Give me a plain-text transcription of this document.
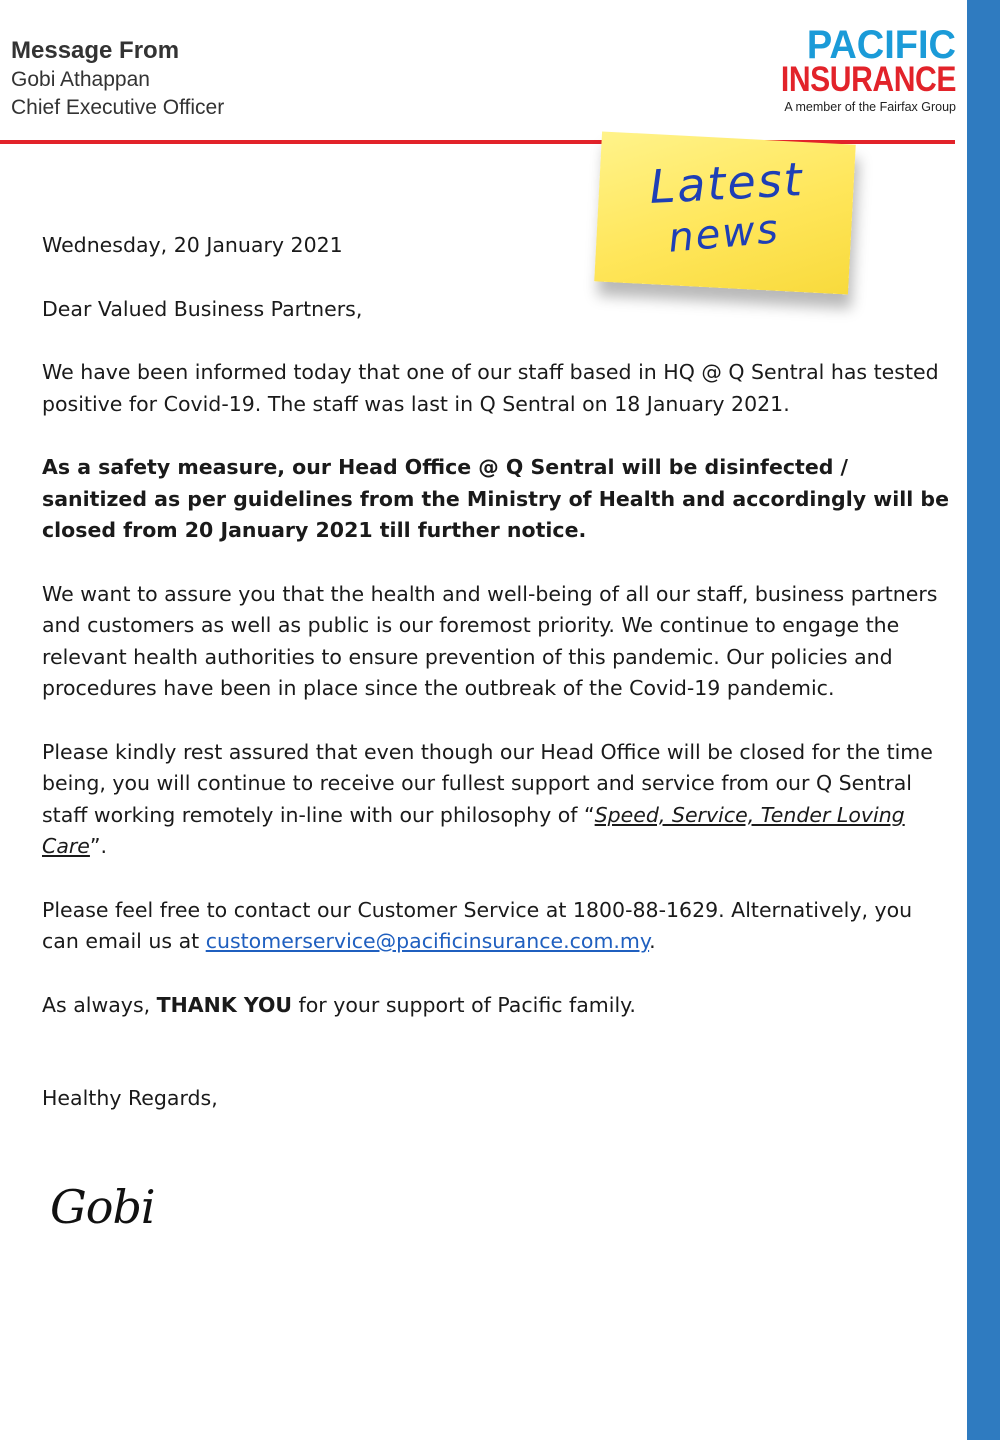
Message From
Gobi Athappan
Chief Executive Officer
PACIFIC
INSURANCE
A member of the Fairfax Group
Latest
news

Wednesday, 20 January 2021

Dear Valued Business Partners,

We have been informed today that one of our staff based in HQ @ Q Sentral has tested positive for Covid-19. The staff was last in Q Sentral on 18 January 2021.

As a safety measure, our Head Office @ Q Sentral will be disinfected / sanitized as per guidelines from the Ministry of Health and accordingly will be closed from 20 January 2021 till further notice.

We want to assure you that the health and well-being of all our staff, business partners and customers as well as public is our foremost priority. We continue to engage the relevant health authorities to ensure prevention of this pandemic. Our policies and procedures have been in place since the outbreak of the Covid-19 pandemic.

Please kindly rest assured that even though our Head Office will be closed for the time being, you will continue to receive our fullest support and service from our Q Sentral staff working remotely in-line with our philosophy of “Speed, Service, Tender Loving Care”.

Please feel free to contact our Customer Service at 1800-88-1629. Alternatively, you can email us at customerservice@pacificinsurance.com.my.

As always, THANK YOU for your support of Pacific family.

Healthy Regards,

Gobi
